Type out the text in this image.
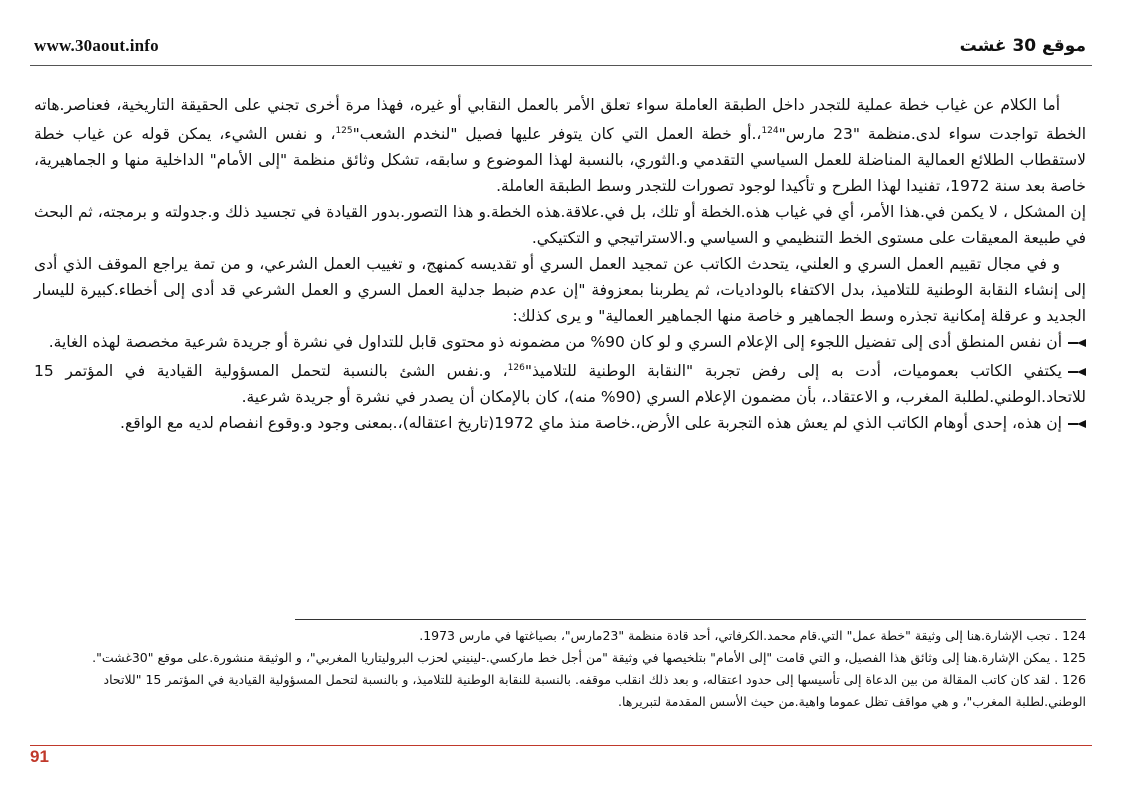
www.30aout.info	موقع 30 غشت

أما الكلام عن غياب خطة عملية للتجدر داخل الطبقة العاملة سواء تعلق الأمر بالعمل النقابي أو غيره، فهذا مرة أخرى تجني على الحقيقة التاريخية، فعناصر.هاته الخطة تواجدت سواء لدى.منظمة "23 مارس"$^{124}$،.أو خطة العمل التي كان يتوفر عليها فصيل "لنخدم الشعب"$^{125}$، و نفس الشيء، يمكن قوله عن غياب خطة لاستقطاب الطلائع العمالية المناضلة للعمل السياسي التقدمي و.الثوري، بالنسبة لهذا الموضوع و سابقه، تشكل وثائق منظمة "إلى الأمام" الداخلية منها و الجماهيرية، خاصة بعد سنة 1972، تفنيدا لهذا الطرح و تأكيدا لوجود تصورات للتجدر وسط الطبقة العاملة.

إن المشكل ، لا يكمن في.هذا الأمر، أي في غياب هذه.الخطة أو تلك، بل في.علاقة.هذه الخطة.و هذا التصور.بدور القيادة في تجسيد ذلك و.جدولته و برمجته، ثم البحث في طبيعة المعيقات على مستوى الخط التنظيمي و السياسي و.الاستراتيجي و التكتيكي.

و في مجال تقييم العمل السري و العلني، يتحدث الكاتب عن تمجيد العمل السري أو تقديسه كمنهج، و تغييب العمل الشرعي، و من تمة يراجع الموقف الذي أدى إلى إنشاء النقابة الوطنية للتلاميذ، بدل الاكتفاء بالوداديات، ثم يطربنا بمعزوفة "إن عدم ضبط جدلية العمل السري و العمل الشرعي قد أدى إلى أخطاء.كبيرة لليسار الجديد و عرقلة إمكانية تجذره وسط الجماهير و خاصة منها الجماهير العمالية" و يرى كذلك:

أن نفس المنطق أدى إلى تفضيل اللجوء إلى الإعلام السري و لو كان 90% من مضمونه ذو محتوى قابل للتداول في نشرة أو جريدة شرعية مخصصة لهذه الغاية.

يكتفي الكاتب بعموميات، أدت به إلى رفض تجربة "النقابة الوطنية للتلاميذ"$^{126}$، و.نفس الشئ بالنسبة لتحمل المسؤولية القيادية في المؤتمر 15 للاتحاد.الوطني.لطلبة المغرب، و الاعتقاد.، بأن مضمون الإعلام السري (90% منه)، كان بالإمكان أن يصدر في نشرة أو جريدة شرعية.

إن هذه، إحدى أوهام الكاتب الذي لم يعش هذه التجربة على الأرض،.خاصة منذ ماي 1972(تاريخ اعتقاله)،.بمعنى وجود و.وقوع انفصام لديه مع الواقع.

124 . تجب الإشارة.هنا إلى وثيقة "خطة عمل" التي.قام محمد.الكرفاتي، أحد قادة منظمة "23مارس"، بصياغتها في مارس 1973.

125 . يمكن الإشارة.هنا إلى وثائق هذا الفصيل، و التي قامت "إلى الأمام" بتلخيصها في وثيقة "من أجل خط ماركسي.-لينيني لحزب البروليتاريا المغربي"، و الوثيقة منشورة.على موقع "30غشت".

126 . لقد كان كاتب المقالة من بين الدعاة إلى تأسيسها إلى حدود اعتقاله، و بعد ذلك انقلب موقفه. بالنسبة للنقابة الوطنية للتلاميذ، و بالنسبة لتحمل المسؤولية القيادية في المؤتمر 15 "للاتحاد الوطني.لطلبة المغرب"، و هي مواقف تظل عموما واهية.من حيث الأسس المقدمة لتبريرها.

91
